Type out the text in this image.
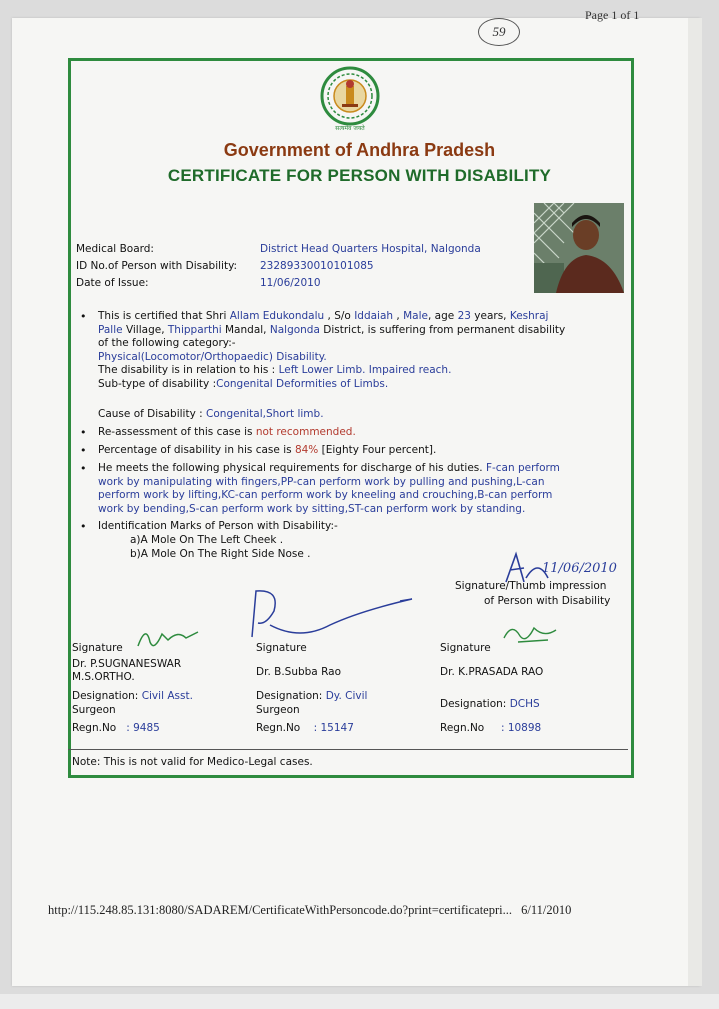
Page 1 of 1
59
सत्यमेव जयते
Government of Andhra Pradesh
CERTIFICATE FOR PERSON WITH DISABILITY
Medical Board:	District Head Quarters Hospital, Nalgonda
ID No.of Person with Disability: 23289330010101085
Date of Issue:	11/06/2010
• This is certified that Shri Allam Edukondalu , S/o Iddaiah , Male, age 23 years, Keshraj
Palle Village, Thipparthi Mandal, Nalgonda District, is suffering from permanent disability
of the following category:-
Physical(Locomotor/Orthopaedic) Disability.
The disability is in relation to his : Left Lower Limb. Impaired reach.
Sub-type of disability :Congenital Deformities of Limbs.
Cause of Disability : Congenital,Short limb.
• Re-assessment of this case is not recommended.
• Percentage of disability in his case is 84% [Eighty Four percent].
• He meets the following physical requirements for discharge of his duties. F-can perform
work by manipulating with fingers,PP-can perform work by pulling and pushing,L-can
perform work by lifting,KC-can perform work by kneeling and crouching,B-can perform
work by bending,S-can perform work by sitting,ST-can perform work by standing.
• Identification Marks of Person with Disability:-
a)A Mole On The Left Cheek .
b)A Mole On The Right Side Nose .
11/06/2010
Signature/Thumb impression
of Person with Disability
Signature
Dr. P.SUGNANESWAR
M.S.ORTHO.
Designation: Civil Asst.
Surgeon
Regn.No : 9485
Signature
Dr. B.Subba Rao
Designation: Dy. Civil
Surgeon
Regn.No : 15147
Signature
Dr. K.PRASADA RAO
Designation: DCHS
Regn.No : 10898
Note: This is not valid for Medico-Legal cases.
http://115.248.85.131:8080/SADAREM/CertificateWithPersoncode.do?print=certificatepri... 6/11/2010
